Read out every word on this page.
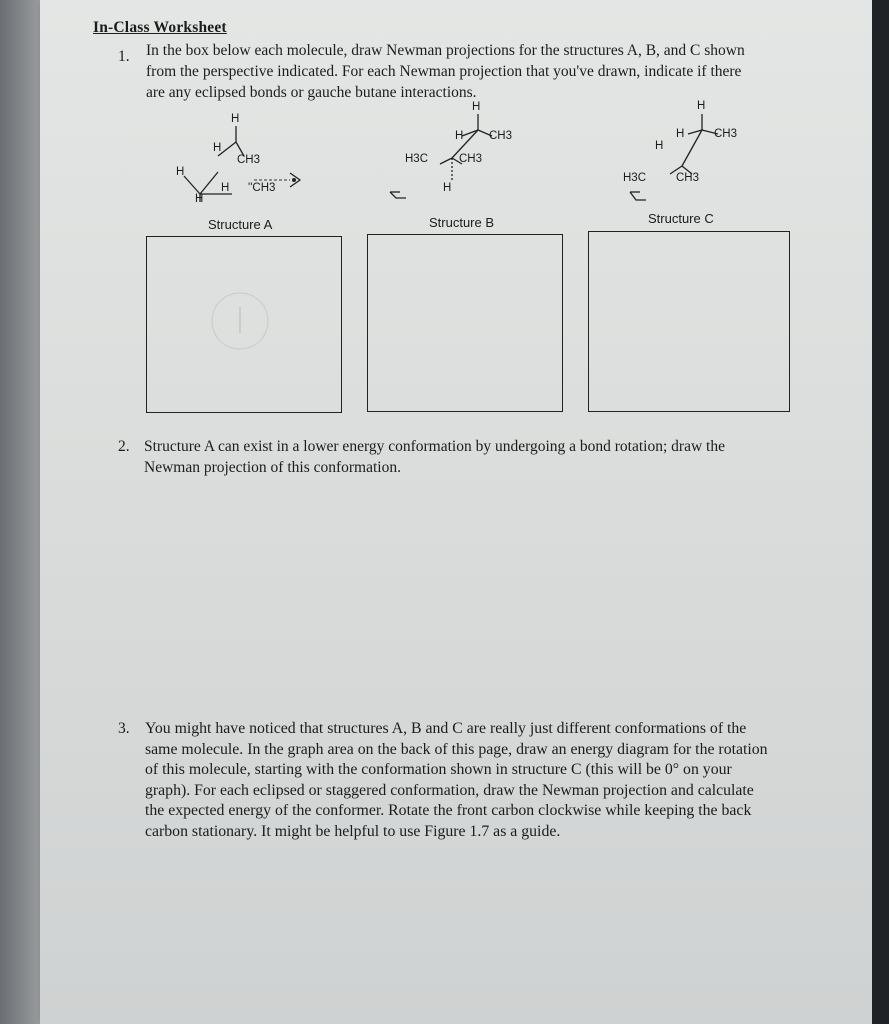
In-Class Worksheet
1. In the box below each molecule, draw Newman projections for the structures A, B, and C shown
from the perspective indicated. For each Newman projection that you've drawn, indicate if there
are any eclipsed bonds or gauche butane interactions.
H
H
CH3
H
H
H ''CH3
Structure A
H
H CH3
H3C	CH3
H
Structure B
H
H	CH3
H
H3C	CH3
Structure C
2. Structure A can exist in a lower energy conformation by undergoing a bond rotation; draw the
Newman projection of this conformation.
3. You might have noticed that structures A, B and C are really just different conformations of the
same molecule. In the graph area on the back of this page, draw an energy diagram for the rotation
of this molecule, starting with the conformation shown in structure C (this will be 0° on your
graph). For each eclipsed or staggered conformation, draw the Newman projection and calculate
the expected energy of the conformer. Rotate the front carbon clockwise while keeping the back
carbon stationary. It might be helpful to use Figure 1.7 as a guide.
